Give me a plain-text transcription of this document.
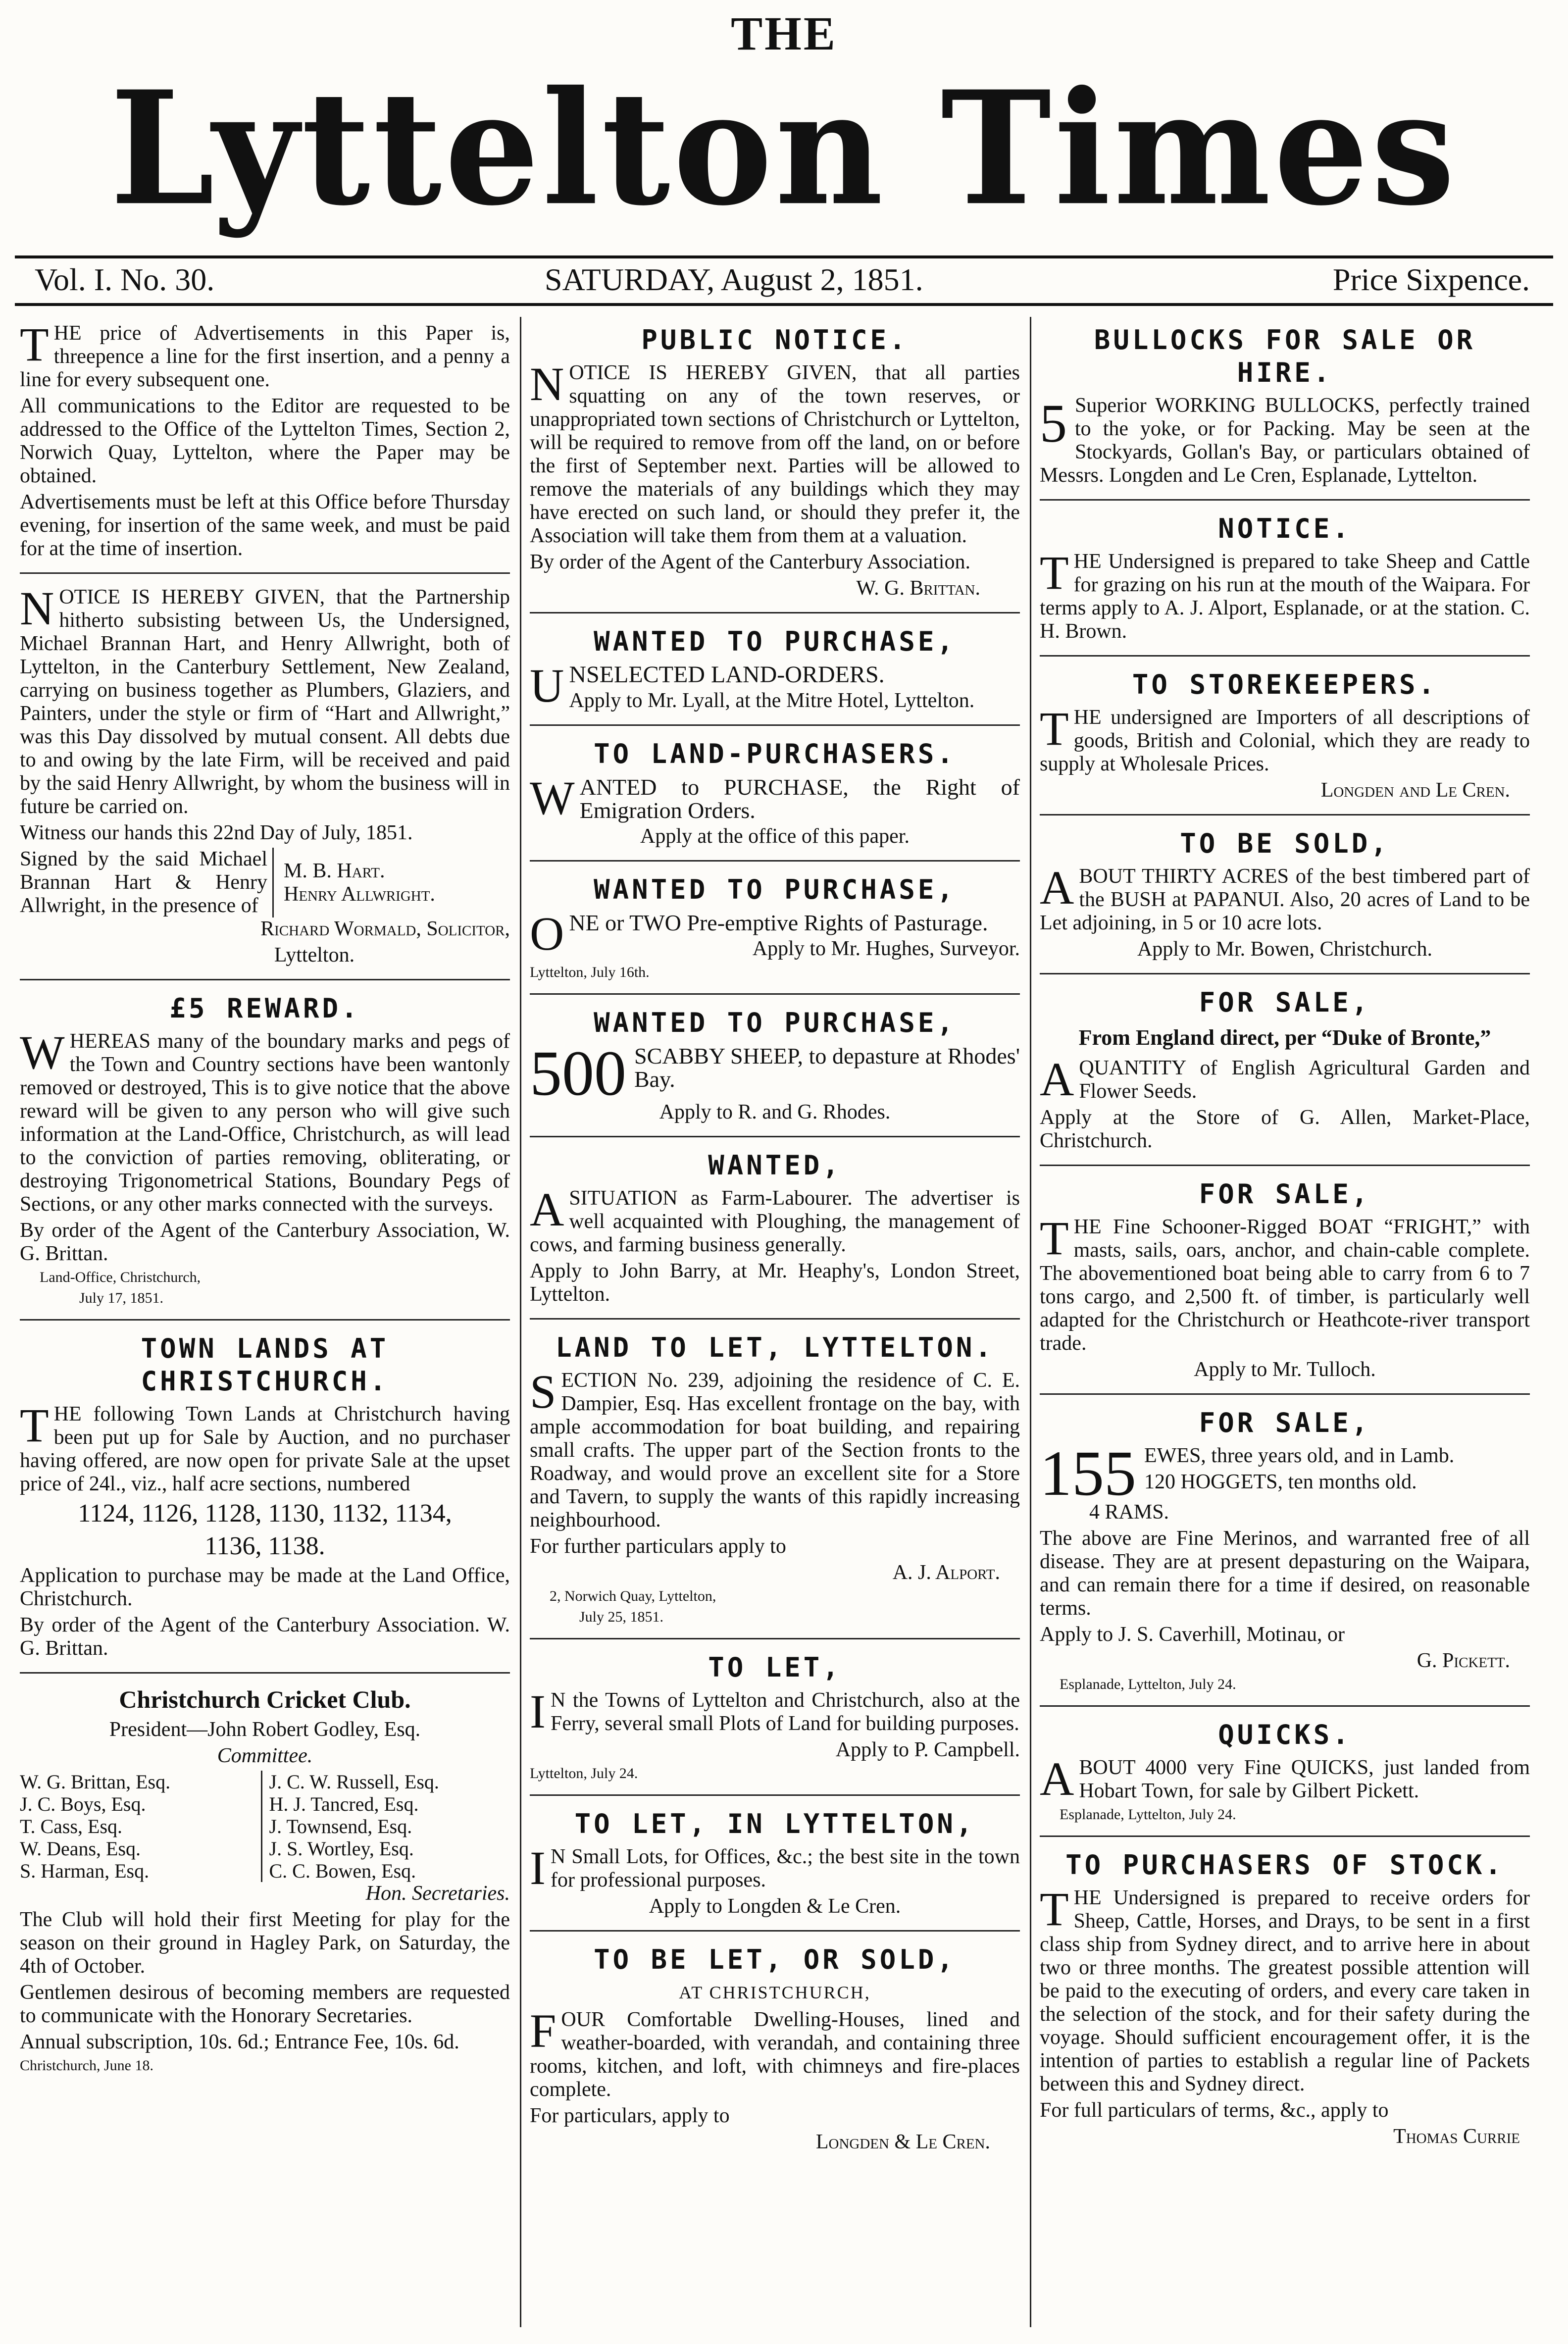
THE
Lyttelton Times
Vol. I. No. 30.	SATURDAY, August 2, 1851.	Price Sixpence.

THE price of Advertisements in this Paper is, threepence a line for the first insertion, and a penny a line for every subsequent one.

All communications to the Editor are requested to be addressed to the Office of the Lyttelton Times, Section 2, Norwich Quay, Lyttelton, where the Paper may be obtained.

Advertisements must be left at this Office before Thursday evening, for insertion of the same week, and must be paid for at the time of insertion.

NOTICE IS HEREBY GIVEN, that the Partnership hitherto subsisting between Us, the Undersigned, Michael Brannan Hart, and Henry Allwright, both of Lyttelton, in the Canterbury Settlement, New Zealand, carrying on business together as Plumbers, Glaziers, and Painters, under the style or firm of “Hart and Allwright,” was this Day dissolved by mutual consent. All debts due to and owing by the late Firm, will be received and paid by the said Henry Allwright, by whom the business will in future be carried on.

Witness our hands this 22nd Day of July, 1851.

Signed by the said Michael Brannan Hart & Henry Allwright, in the presence of
M. B. Hart.
Henry Allwright.

Richard Wormald, Solicitor,

Lyttelton.

£5 REWARD.

WHEREAS many of the boundary marks and pegs of the Town and Country sections have been wantonly removed or destroyed, This is to give notice that the above reward will be given to any person who will give such information at the Land-Office, Christchurch, as will lead to the conviction of parties removing, obliterating, or destroying Trigonometrical Stations, Boundary Pegs of Sections, or any other marks connected with the surveys.

By order of the Agent of the Canterbury Association, W. G. Brittan.

Land-Office, Christchurch,

July 17, 1851.

TOWN LANDS AT CHRISTCHURCH.

THE following Town Lands at Christchurch having been put up for Sale by Auction, and no purchaser having offered, are now open for private Sale at the upset price of 24l., viz., half acre sections, numbered

1124, 1126, 1128, 1130, 1132, 1134,

1136, 1138.

Application to purchase may be made at the Land Office, Christchurch.

By order of the Agent of the Canterbury Association. W. G. Brittan.

Christchurch Cricket Club.

President—John Robert Godley, Esq.

Committee.

W. G. Brittan, Esq.
J. C. Boys, Esq.
T. Cass, Esq.
W. Deans, Esq.
S. Harman, Esq.
J. C. W. Russell, Esq.
H. J. Tancred, Esq.
J. Townsend, Esq.
J. S. Wortley, Esq.
C. C. Bowen, Esq.

Hon. Secretaries.

The Club will hold their first Meeting for play for the season on their ground in Hagley Park, on Saturday, the 4th of October.

Gentlemen desirous of becoming members are requested to communicate with the Honorary Secretaries.

Annual subscription, 10s. 6d.; Entrance Fee, 10s. 6d.

Christchurch, June 18.

PUBLIC NOTICE.

NOTICE IS HEREBY GIVEN, that all parties squatting on any of the town reserves, or unappropriated town sections of Christchurch or Lyttelton, will be required to remove from off the land, on or before the first of September next. Parties will be allowed to remove the materials of any buildings which they may have erected on such land, or should they prefer it, the Association will take them from them at a valuation.

By order of the Agent of the Canterbury Association.

W. G. Brittan.

WANTED TO PURCHASE,

UNSELECTED LAND-ORDERS.

Apply to Mr. Lyall, at the Mitre Hotel, Lyttelton.

TO LAND-PURCHASERS.

WANTED to PURCHASE, the Right of Emigration Orders.

Apply at the office of this paper.

WANTED TO PURCHASE,

ONE or TWO Pre-emptive Rights of Pasturage.

Apply to Mr. Hughes, Surveyor.

Lyttelton, July 16th.

WANTED TO PURCHASE,

500 SCABBY SHEEP, to depasture at Rhodes' Bay.

Apply to R. and G. Rhodes.

WANTED,

ASITUATION as Farm-Labourer. The advertiser is well acquainted with Ploughing, the management of cows, and farming business generally.

Apply to John Barry, at Mr. Heaphy's, London Street, Lyttelton.

LAND TO LET, LYTTELTON.

SECTION No. 239, adjoining the residence of C. E. Dampier, Esq. Has excellent frontage on the bay, with ample accommodation for boat building, and repairing small crafts. The upper part of the Section fronts to the Roadway, and would prove an excellent site for a Store and Tavern, to supply the wants of this rapidly increasing neighbourhood.

For further particulars apply to

A. J. Alport.

2, Norwich Quay, Lyttelton,

July 25, 1851.

TO LET,

I N the Towns of Lyttelton and Christchurch, also at the Ferry, several small Plots of Land for building purposes.

Apply to P. Campbell.

Lyttelton, July 24.

TO LET, IN LYTTELTON,

I N Small Lots, for Offices, &c.; the best site in the town for professional purposes.

Apply to Longden & Le Cren.

TO BE LET, OR SOLD,
AT CHRISTCHURCH,

FOUR Comfortable Dwelling-Houses, lined and weather-boarded, with verandah, and containing three rooms, kitchen, and loft, with chimneys and fire-places complete.

For particulars, apply to

Longden & Le Cren.

BULLOCKS FOR SALE OR HIRE.

5 Superior WORKING BULLOCKS, perfectly trained to the yoke, or for Packing. May be seen at the Stockyards, Gollan's Bay, or particulars obtained of Messrs. Longden and Le Cren, Esplanade, Lyttelton.

NOTICE.

THE Undersigned is prepared to take Sheep and Cattle for grazing on his run at the mouth of the Waipara. For terms apply to A. J. Alport, Esplanade, or at the station. C. H. Brown.

TO STOREKEEPERS.

THE undersigned are Importers of all descriptions of goods, British and Colonial, which they are ready to supply at Wholesale Prices.

Longden and Le Cren.

TO BE SOLD,

ABOUT THIRTY ACRES of the best timbered part of the BUSH at PAPANUI. Also, 20 acres of Land to be Let adjoining, in 5 or 10 acre lots.

Apply to Mr. Bowen, Christchurch.

FOR SALE,
From England direct, per “Duke of Bronte,”

AQUANTITY of English Agricultural Garden and Flower Seeds.

Apply at the Store of G. Allen, Market-Place, Christchurch.

FOR SALE,

THE Fine Schooner-Rigged BOAT “FRIGHT,” with masts, sails, oars, anchor, and chain-cable complete. The abovementioned boat being able to carry from 6 to 7 tons cargo, and 2,500 ft. of timber, is particularly well adapted for the Christchurch or Heathcote-river transport trade.

Apply to Mr. Tulloch.

FOR SALE,

155 EWES, three years old, and in Lamb.

120 HOGGETS, ten months old.

4 RAMS.

The above are Fine Merinos, and warranted free of all disease. They are at present depasturing on the Waipara, and can remain there for a time if desired, on reasonable terms.

Apply to J. S. Caverhill, Motinau, or

G. Pickett.

Esplanade, Lyttelton, July 24.

QUICKS.

ABOUT 4000 very Fine QUICKS, just landed from Hobart Town, for sale by Gilbert Pickett.

Esplanade, Lyttelton, July 24.

TO PURCHASERS OF STOCK.

THE Undersigned is prepared to receive orders for Sheep, Cattle, Horses, and Drays, to be sent in a first class ship from Sydney direct, and to arrive here in about two or three months. The greatest possible attention will be paid to the executing of orders, and every care taken in the selection of the stock, and for their safety during the voyage. Should sufficient encouragement offer, it is the intention of parties to establish a regular line of Packets between this and Sydney direct.

For full particulars of terms, &c., apply to

Thomas Currie
